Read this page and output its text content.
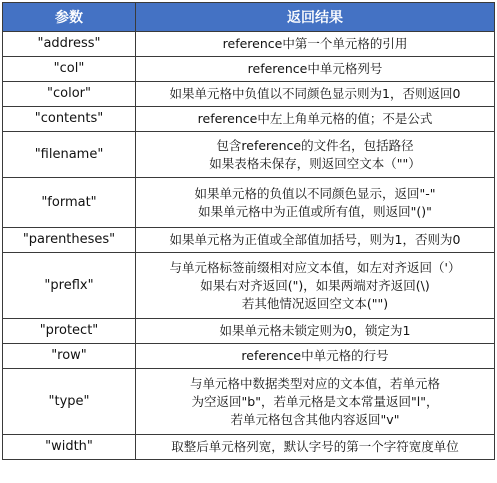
参数	返回结果
"address"	reference中第一个单元格的引用

"col"	reference中单元格列号

"color"	如果单元格中负值以不同颜色显示则为1，否则返回0

"contents"	reference中左上角单元格的值；不是公式

"filename"	包含reference的文件名，包括路径
如果表格未保存，则返回空文本（""）

"format"	如果单元格的负值以不同颜色显示，返回"-"
如果单元格中为正值或所有值，则返回"()"

"parentheses"	如果单元格为正值或全部值加括号，则为1，否则为0

"preflx"	与单元格标签前缀相对应文本值，如左对齐返回（'）
如果右对齐返回(")，如果两端对齐返回(\)
若其他情况返回空文本("")

"protect"	如果单元格未锁定则为0，锁定为1

"row"	reference中单元格的行号

"type"	与单元格中数据类型对应的文本值，若单元格
为空返回"b"，若单元格是文本常量返回"l"，
若单元格包含其他内容返回"v"

"width"	取整后单元格列宽，默认字号的第一个字符宽度单位
